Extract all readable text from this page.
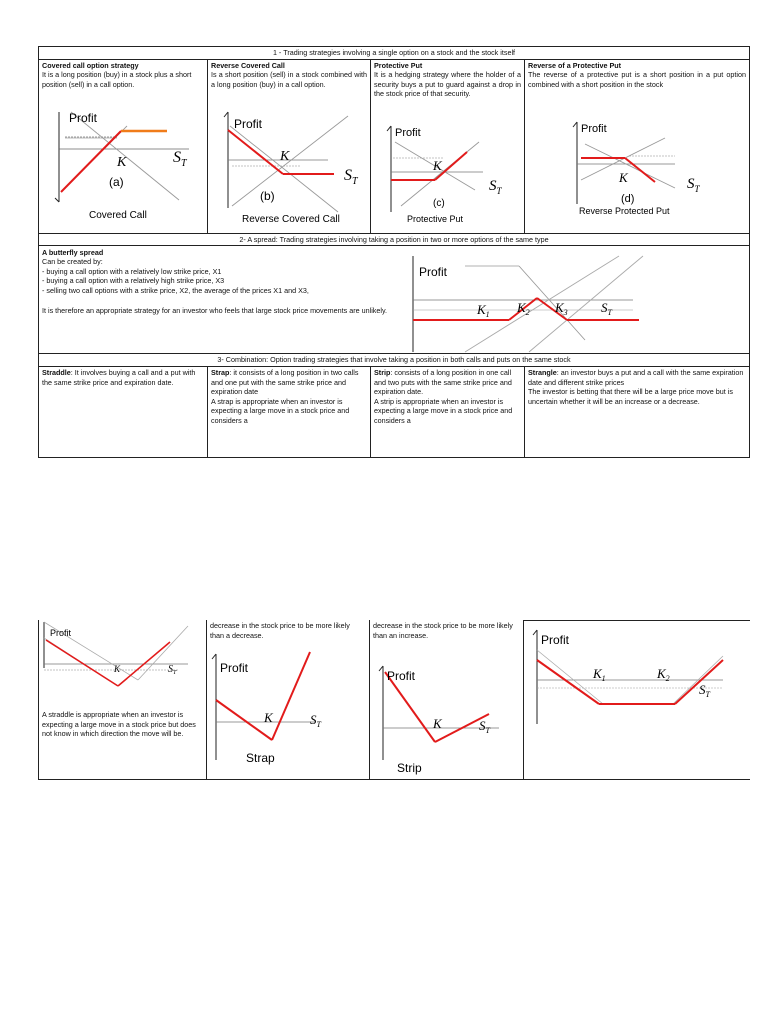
1 - Trading strategies involving a single option on a stock and the stock itself
Covered call option strategy
It is a long position (buy) in a stock plus a short position (sell) in a call option.
Profit
K	$S_T$
(a)
Covered Call
Reverse Covered Call
Is a short position (sell) in a stock combined with a long position (buy) in a call option.
Profit
K
$S_T$
(b)
Reverse Covered Call
Protective Put
It is a hedging strategy where the holder of a security buys a put to guard against a drop in the stock price of that security.
Profit
K
$S_T$
(c)
Protective Put
Reverse of a Protective Put
The reverse of a protective put is a short position in a put option combined with a short position in the stock
Profit
K	$S_T$
(d)
Reverse Protected Put
2- A spread: Trading strategies involving taking a position in two or more options of the same type
A butterfly spread
Can be created by:
- buying a call option with a relatively low strike price, X1
- buying a call option with a relatively high strike price, X3
- selling two call options with a strike price, X2, the average of the prices X1 and X3,
It is therefore an appropriate strategy for an investor who feels that large stock price movements are unlikely.
Profit
$K_1$ $K_2$ $K_3$	$S_T$
3- Combination: Option trading strategies that involve taking a position in both calls and puts on the same stock
Straddle: It involves buying a call and a put with the same strike price and expiration date.
Strap: it consists of a long position in two calls and one put with the same strike price and expiration date
A strap is appropriate when an investor is expecting a large move in a stock price and considers a
Strip: consists of a long position in one call and two puts with the same strike price and expiration date.
A strip is appropriate when an investor is expecting a large move in a stock price and considers a
Strangle: an investor buys a put and a call with the same expiration date and different strike prices
The investor is betting that there will be a large price move but is uncertain whether it will be an increase or a decrease.
Profit
K	$S_T$
A straddle is appropriate when an investor is expecting a large move in a stock price but does not know in which direction the move will be.
decrease in the stock price to be more likely than a decrease.
Profit
K	$S_T$
Strap
decrease in the stock price to be more likely than an increase.
Profit
K	$S_T$
Strip
Profit
$K_1$	$K_2$
$S_T$
